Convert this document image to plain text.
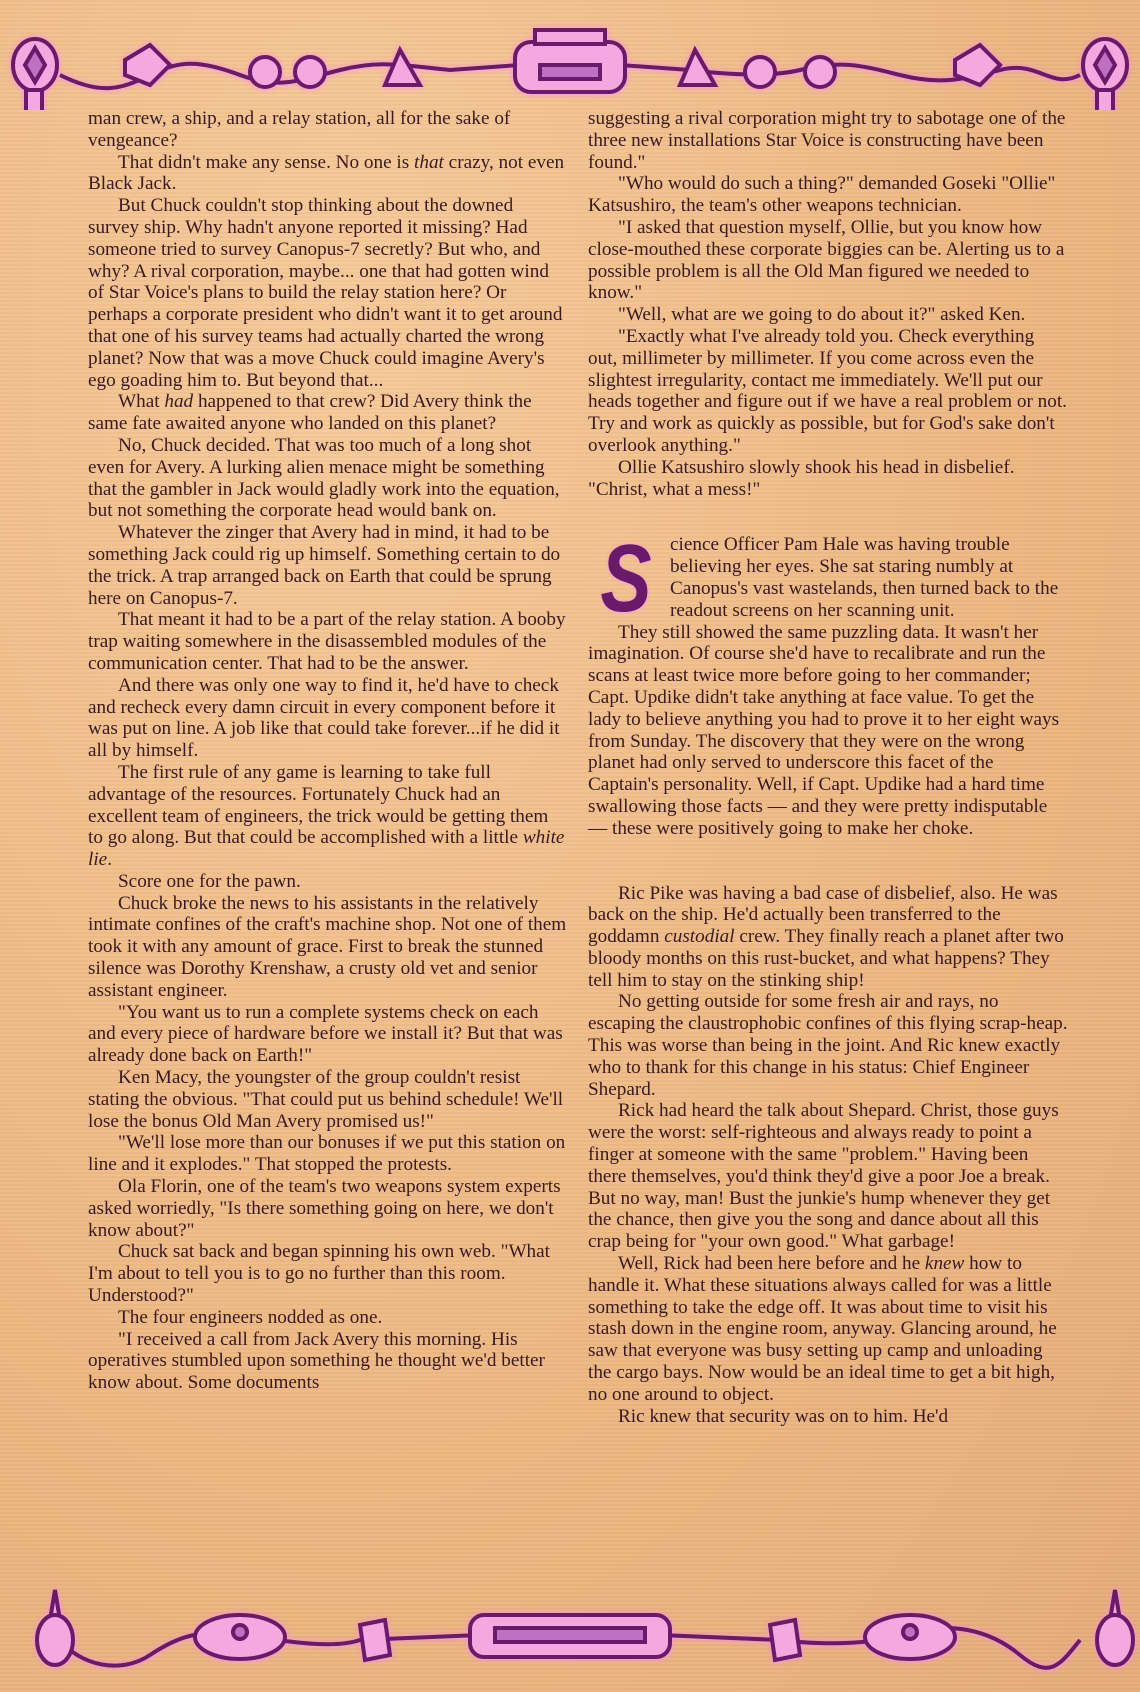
man crew, a ship, and a relay station, all for the sake of vengeance?

That didn't make any sense. No one is that crazy, not even Black Jack.

But Chuck couldn't stop thinking about the downed survey ship. Why hadn't anyone reported it missing? Had someone tried to survey Canopus-7 secretly? But who, and why? A rival corporation, maybe... one that had gotten wind of Star Voice's plans to build the relay station here? Or perhaps a corporate president who didn't want it to get around that one of his survey teams had actually charted the wrong planet? Now that was a move Chuck could imagine Avery's ego goading him to. But beyond that...

What had happened to that crew? Did Avery think the same fate awaited anyone who landed on this planet?

No, Chuck decided. That was too much of a long shot even for Avery. A lurking alien menace might be something that the gambler in Jack would gladly work into the equation, but not something the corporate head would bank on.

Whatever the zinger that Avery had in mind, it had to be something Jack could rig up himself. Something certain to do the trick. A trap arranged back on Earth that could be sprung here on Canopus-7.

That meant it had to be a part of the relay station. A booby trap waiting somewhere in the disassembled modules of the communication center. That had to be the answer.

And there was only one way to find it, he'd have to check and recheck every damn circuit in every component before it was put on line. A job like that could take forever...if he did it all by himself.

The first rule of any game is learning to take full advantage of the resources. Fortunately Chuck had an excellent team of engineers, the trick would be getting them to go along. But that could be accomplished with a little white lie.

Score one for the pawn.

Chuck broke the news to his assistants in the relatively intimate confines of the craft's machine shop. Not one of them took it with any amount of grace. First to break the stunned silence was Dorothy Krenshaw, a crusty old vet and senior assistant engineer.

"You want us to run a complete systems check on each and every piece of hardware before we install it? But that was already done back on Earth!"

Ken Macy, the youngster of the group couldn't resist stating the obvious. "That could put us behind schedule! We'll lose the bonus Old Man Avery promised us!"

"We'll lose more than our bonuses if we put this station on line and it explodes." That stopped the protests.

Ola Florin, one of the team's two weapons system experts asked worriedly, "Is there something going on here, we don't know about?"

Chuck sat back and began spinning his own web. "What I'm about to tell you is to go no further than this room. Understood?"

The four engineers nodded as one.

"I received a call from Jack Avery this morning. His operatives stumbled upon something he thought we'd better know about. Some documents

suggesting a rival corporation might try to sabotage one of the three new installations Star Voice is constructing have been found."

"Who would do such a thing?" demanded Goseki "Ollie" Katsushiro, the team's other weapons technician.

"I asked that question myself, Ollie, but you know how close-mouthed these corporate biggies can be. Alerting us to a possible problem is all the Old Man figured we needed to know."

"Well, what are we going to do about it?" asked Ken.

"Exactly what I've already told you. Check everything out, millimeter by millimeter. If you come across even the slightest irregularity, contact me immediately. We'll put our heads together and figure out if we have a real problem or not. Try and work as quickly as possible, but for God's sake don't overlook anything."

Ollie Katsushiro slowly shook his head in disbelief. "Christ, what a mess!"

Science Officer Pam Hale was having trouble believing her eyes. She sat staring numbly at Canopus's vast wastelands, then turned back to the readout screens on her scanning unit.

They still showed the same puzzling data. It wasn't her imagination. Of course she'd have to recalibrate and run the scans at least twice more before going to her commander; Capt. Updike didn't take anything at face value. To get the lady to believe anything you had to prove it to her eight ways from Sunday. The discovery that they were on the wrong planet had only served to underscore this facet of the Captain's personality. Well, if Capt. Updike had a hard time swallowing those facts — and they were pretty indisputable — these were positively going to make her choke.

Ric Pike was having a bad case of disbelief, also. He was back on the ship. He'd actually been transferred to the goddamn custodial crew. They finally reach a planet after two bloody months on this rust-bucket, and what happens? They tell him to stay on the stinking ship!

No getting outside for some fresh air and rays, no escaping the claustrophobic confines of this flying scrap-heap. This was worse than being in the joint. And Ric knew exactly who to thank for this change in his status: Chief Engineer Shepard.

Rick had heard the talk about Shepard. Christ, those guys were the worst: self-righteous and always ready to point a finger at someone with the same "problem." Having been there themselves, you'd think they'd give a poor Joe a break. But no way, man! Bust the junkie's hump whenever they get the chance, then give you the song and dance about all this crap being for "your own good." What garbage!

Well, Rick had been here before and he knew how to handle it. What these situations always called for was a little something to take the edge off. It was about time to visit his stash down in the engine room, anyway. Glancing around, he saw that everyone was busy setting up camp and unloading the cargo bays. Now would be an ideal time to get a bit high, no one around to object.

Ric knew that security was on to him. He'd
